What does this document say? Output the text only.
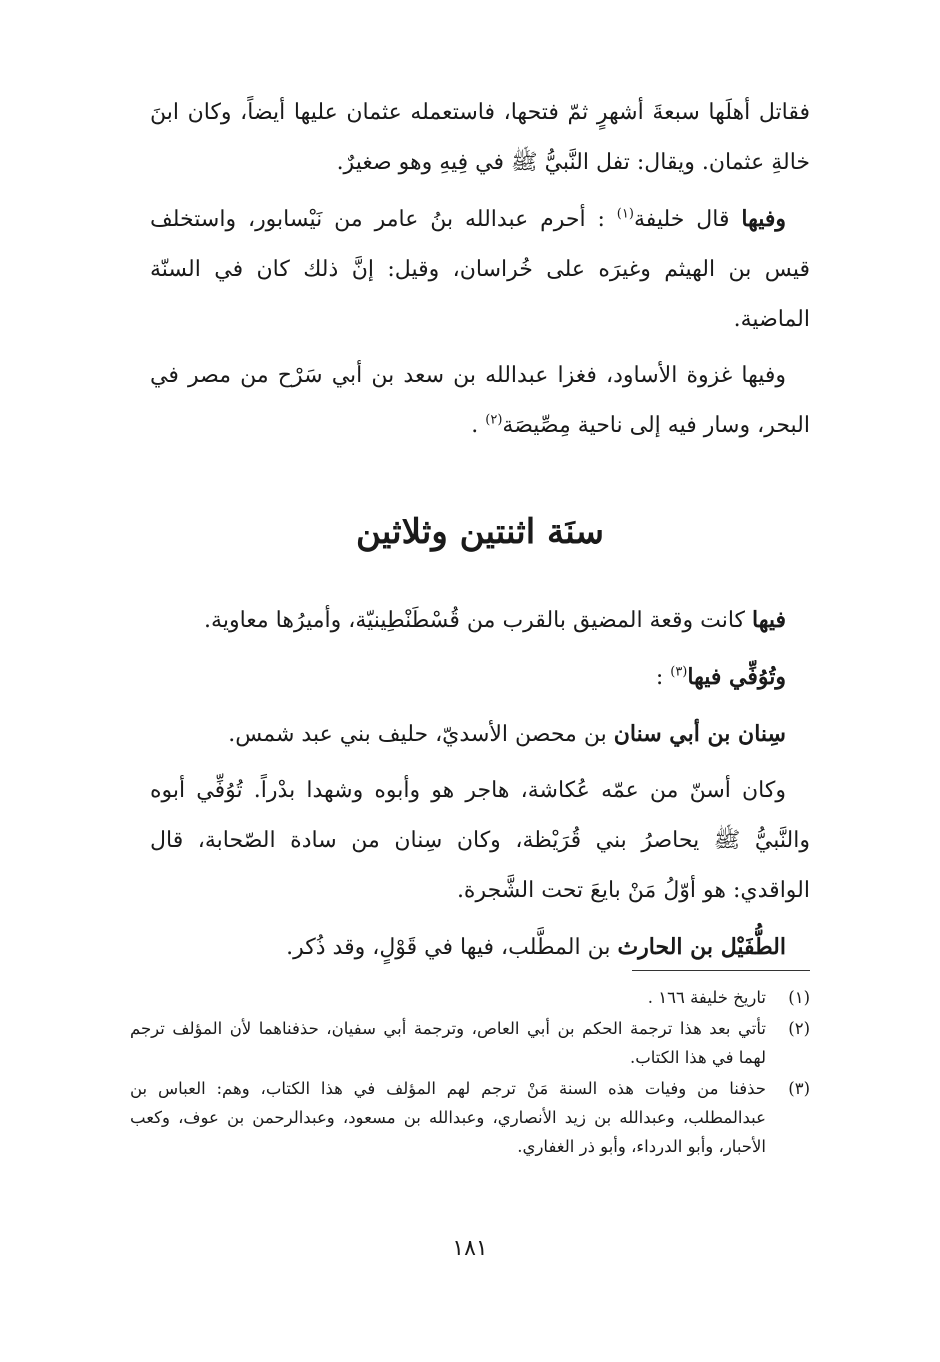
فقاتل أهلَها سبعةَ أشهرٍ ثمّ فتحها، فاستعمله عثمان عليها أيضاً، وكان ابنَ خالةِ عثمان. ويقال: تفل النَّبيُّ ﷺ في فِيهِ وهو صغيرٌ.

وفيها قال خليفة$^{(١)}$ : أحرم عبدالله بنُ عامر من نَيْسابور، واستخلف قيس بن الهيثم وغيرَه على خُراسان، وقيل: إنَّ ذلك كان في السنّة الماضية.

وفيها غزوة الأساود، فغزا عبدالله بن سعد بن أبي سَرْح من مصر في البحر، وسار فيه إلى ناحية مِصِّيصَة$^{(٢)}$ .

سنَة اثنتين وثلاثين

فيها كانت وقعة المضيق بالقرب من قُسْطَنْطِينيّة، وأميرُها معاوية.

وتُوُفِّي فيها$^{(٣)}$ :

سِنان بن أبي سنان بن محصن الأسديّ، حليف بني عبد شمس.

وكان أسنّ من عمّه عُكاشة، هاجر هو وأبوه وشهدا بدْراً. تُوُفِّي أبوه والنَّبيُّ ﷺ يحاصرُ بني قُرَيْظة، وكان سِنان من سادة الصّحابة، قال الواقدي: هو أوّلُ مَنْ بايعَ تحت الشَّجرة.

الطُّفَيْل بن الحارث بن المطَّلب، فيها في قَوْلٍ، وقد ذُكر.

(١)
تاريخ خليفة ١٦٦ .
(٢)
تأتي بعد هذا ترجمة الحكم بن أبي العاص، وترجمة أبي سفيان، حذفناهما لأن المؤلف ترجم لهما في هذا الكتاب.
(٣)
حذفنا من وفيات هذه السنة مَنْ ترجم لهم المؤلف في هذا الكتاب، وهم: العباس بن عبدالمطلب، وعبدالله بن زيد الأنصاري، وعبدالله بن مسعود، وعبدالرحمن بن عوف، وكعب الأحبار، وأبو الدرداء، وأبو ذر الغفاري.
١٨١
